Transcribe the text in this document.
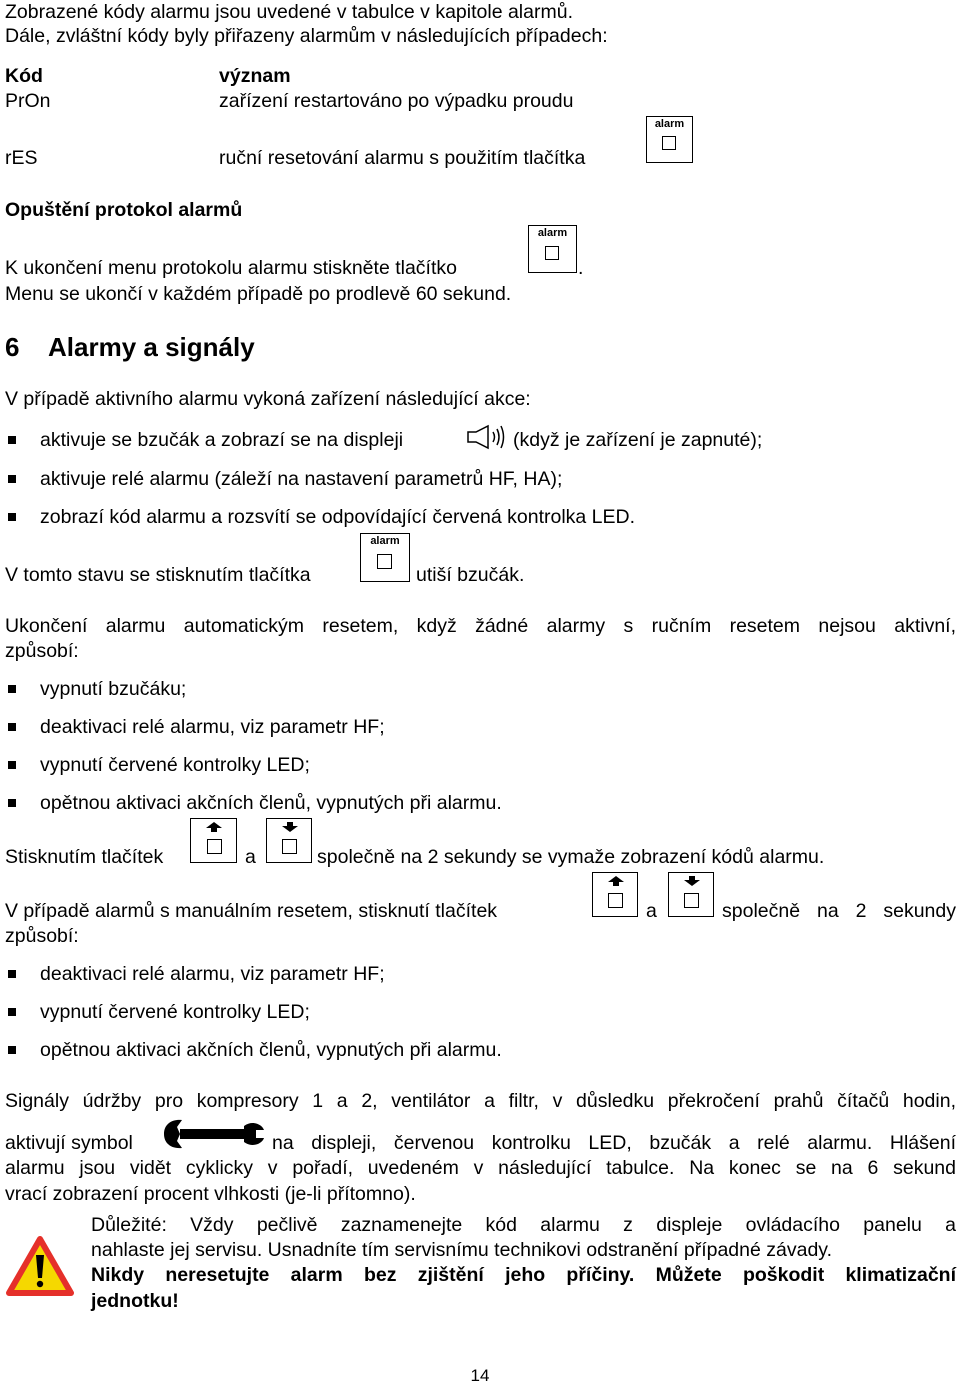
Zobrazené kódy alarmu jsou uvedené v tabulce v kapitole alarmů.
Dále, zvláštní kódy byly přiřazeny alarmům v následujících případech:
Kód	význam
PrOn	zařízení restartováno po výpadku proudu
rES	ruční resetování alarmu s použitím tlačítka
alarm
Opuštění protokol alarmů
K ukončení menu protokolu alarmu stiskněte tlačítko
alarm
.
Menu se ukončí v každém případě po prodlevě 60 sekund.
6 Alarmy a signály
V případě aktivního alarmu vykoná zařízení následující akce:
aktivuje se bzučák a zobrazí se na displeji	(když je zařízení je zapnuté);
aktivuje relé alarmu (záleží na nastavení parametrů HF, HA);
zobrazí kód alarmu a rozsvítí se odpovídající červená kontrolka LED.
V tomto stavu se stisknutím tlačítka
alarm
utiší bzučák.
Ukončení alarmu automatickým resetem, když žádné alarmy s ručním resetem nejsou aktivní,
způsobí:
vypnutí bzučáku;
deaktivaci relé alarmu, viz parametr HF;
vypnutí červené kontrolky LED;
opětnou aktivaci akčních členů, vypnutých při alarmu.
Stisknutím tlačítek	a	společně na 2 sekundy se vymaže zobrazení kódů alarmu.
V případě alarmů s manuálním resetem, stisknutí tlačítek	a	společně na 2 sekundy
způsobí:
deaktivaci relé alarmu, viz parametr HF;
vypnutí červené kontrolky LED;
opětnou aktivaci akčních členů, vypnutých při alarmu.
Signály údržby pro kompresory 1 a 2, ventilátor a filtr, v důsledku překročení prahů čítačů hodin,
aktivují symbol	na displeji, červenou kontrolku LED, bzučák a relé alarmu. Hlášení
alarmu jsou vidět cyklicky v pořadí, uvedeném v následující tabulce. Na konec se na 6 sekund
vrací zobrazení procent vlhkosti (je-li přítomno).
Důležité: Vždy pečlivě zaznamenejte kód alarmu z displeje ovládacího panelu a
nahlaste jej servisu. Usnadníte tím servisnímu technikovi odstranění případné závady.
Nikdy neresetujte alarm bez zjištění jeho příčiny. Můžete poškodit klimatizační
jednotku!
14
